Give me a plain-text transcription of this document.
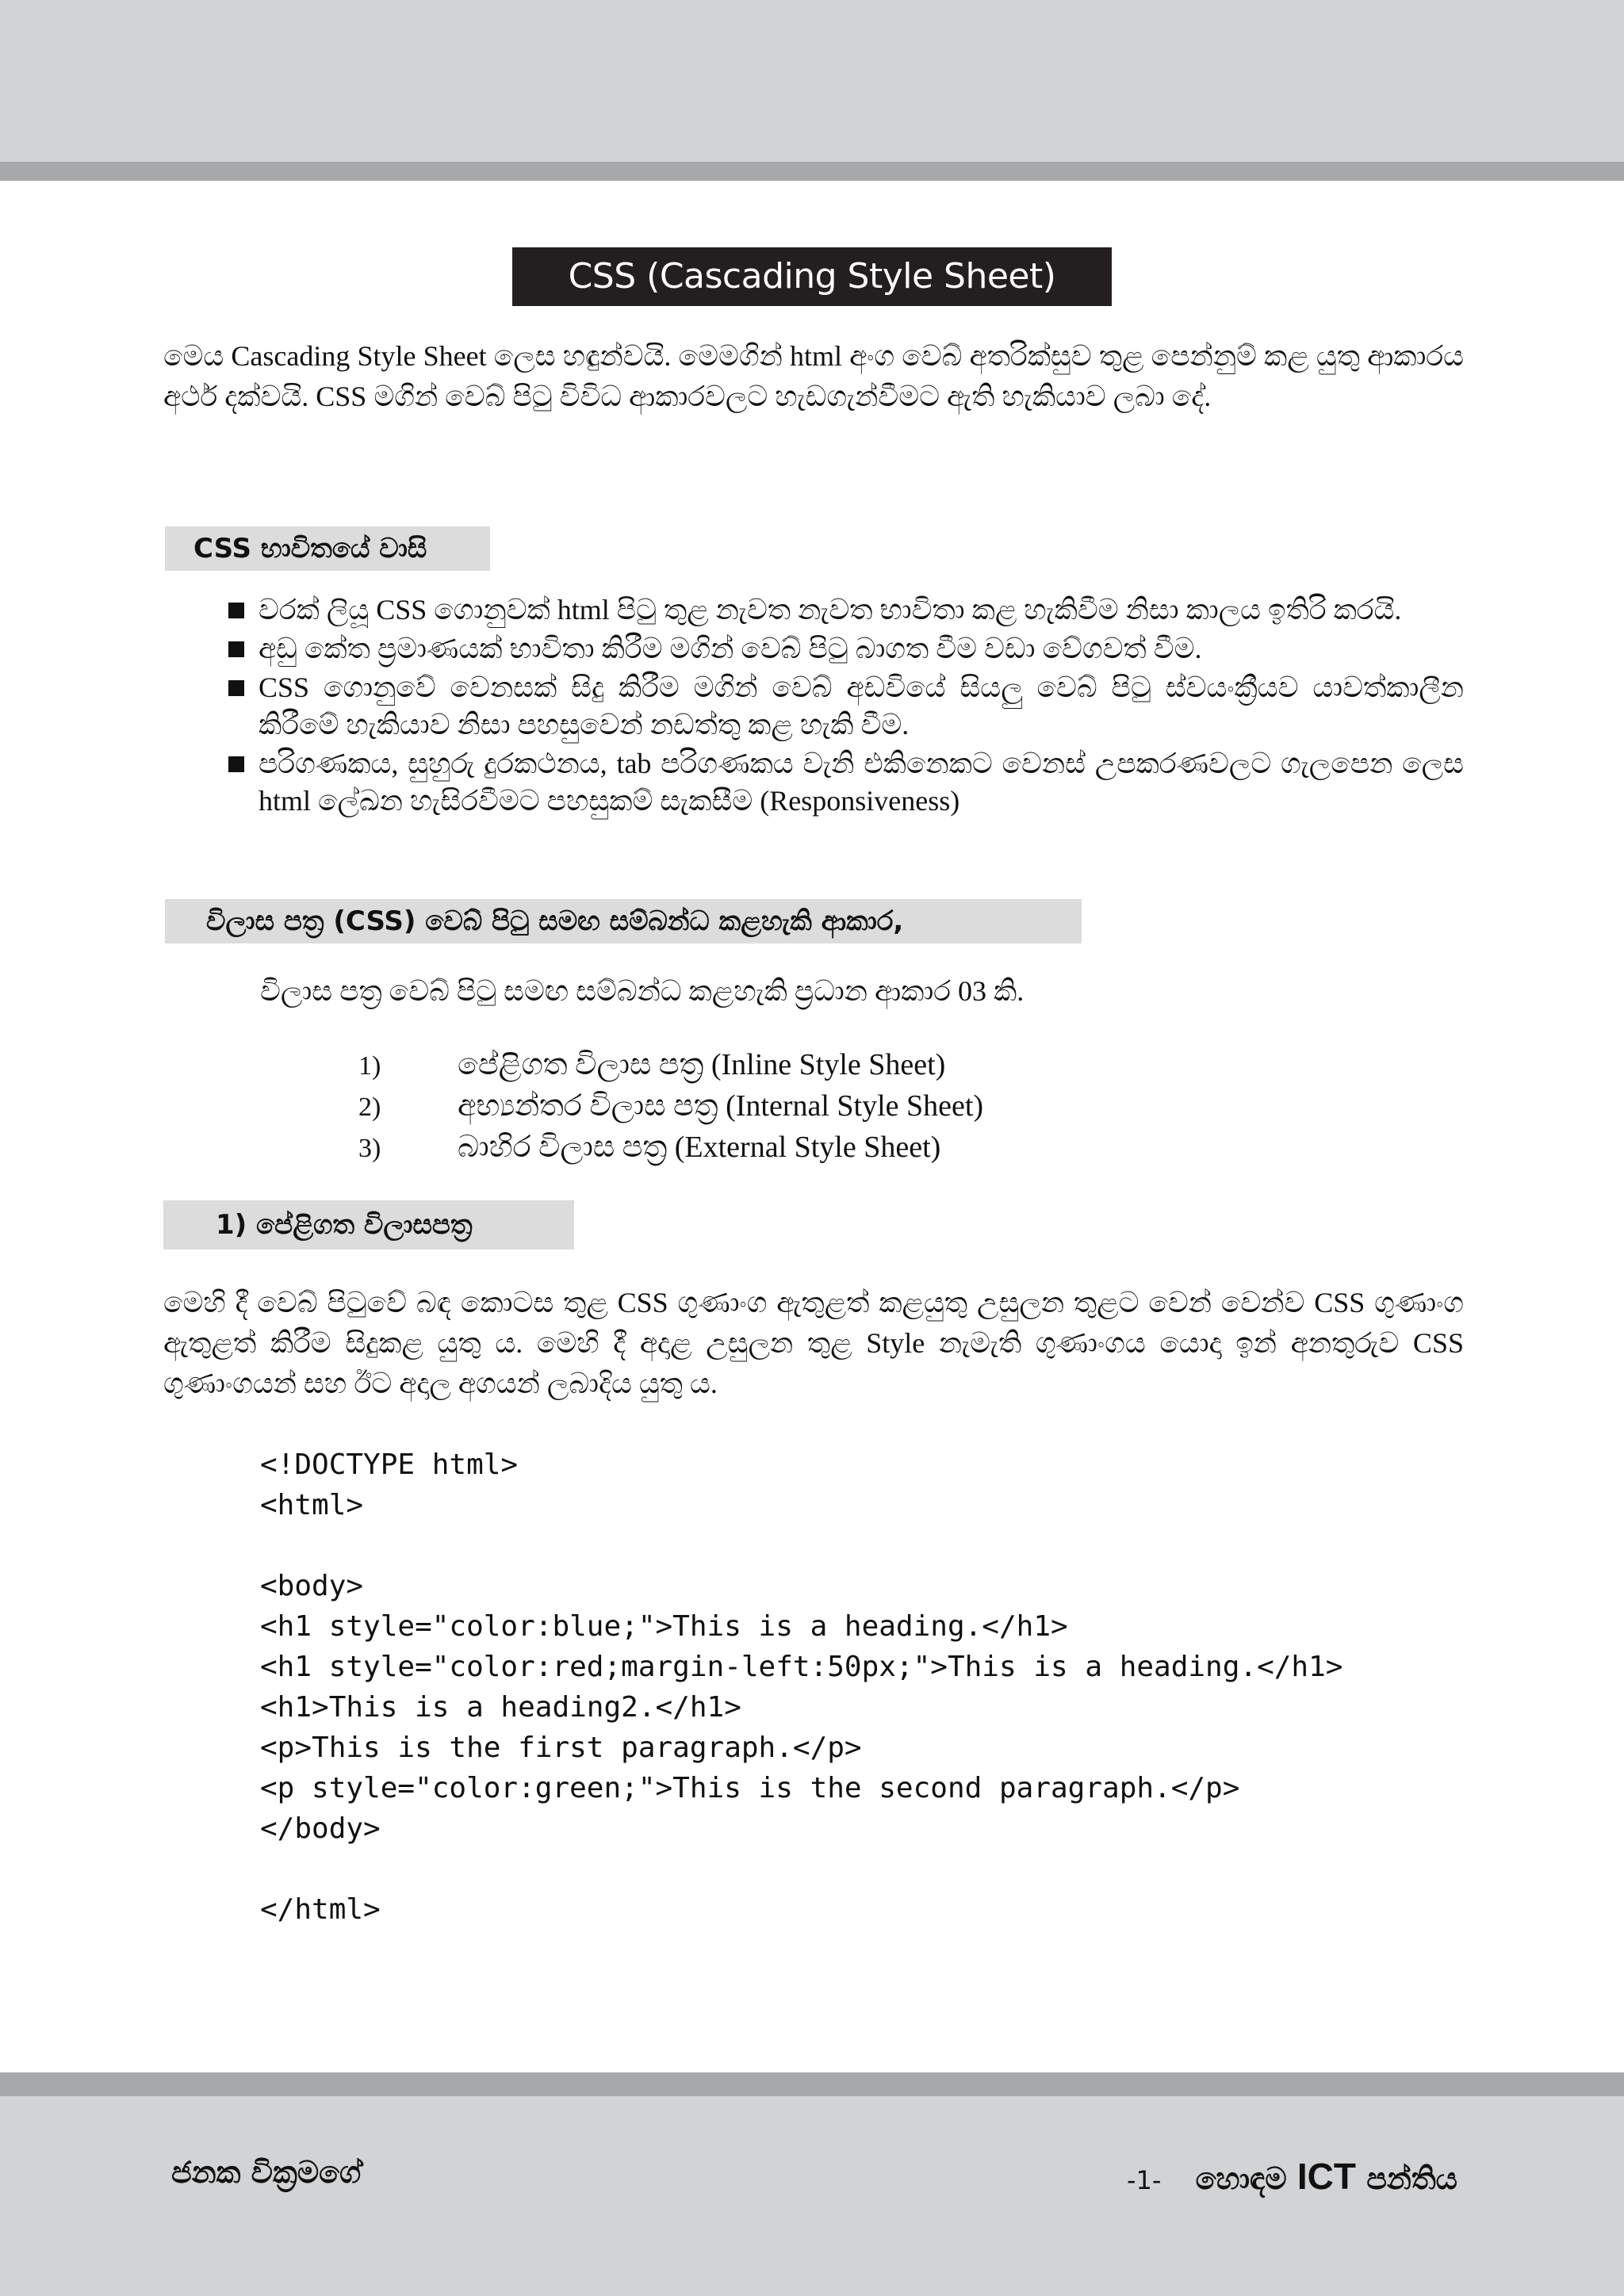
CSS (Cascading Style Sheet)
මෙය Cascading Style Sheet ලෙස හඳුන්වයි. මෙමගින් html අංග වෙබ් අතරික්සුව තුළ පෙන්නුම් කළ යුතු ආකාරය අර්ථ දක්වයි. CSS මගින් වෙබ් පිටු විවිධ ආකාරවලට හැඩගැන්වීමට ඇති හැකියාව ලබා දේ.
CSS භාවිතයේ වාසි
වරක් ලියූ CSS ගොනුවක් html පිටු තුළ නැවත නැවත භාවිතා කළ හැකිවීම නිසා කාලය ඉතිරි කරයි.
අඩු කේත ප්‍රමාණයක් භාවිතා කිරීම මගින් වෙබ් පිටු බාගත වීම වඩා වේගවත් වීම.
CSS ගොනුවේ වෙනසක් සිදු කිරීම මගින් වෙබ් අඩවියේ සියලු වෙබ් පිටු ස්වයංක්‍රීයව යාවත්කාලීන කිරීමේ හැකියාව නිසා පහසුවෙන් නඩත්තු කළ හැකි වීම.
පරිගණකය, සුහුරු දුරකථනය, tab පරිගණකය වැනි එකිනෙකට වෙනස් උපකරණවලට ගැලපෙන ලෙස html ලේඛන හැසිරවීමට පහසුකම් සැකසීම (Responsiveness)
විලාස පත්‍ර (CSS) වෙබ් පිටු සමඟ සම්බන්ධ කළහැකි ආකාර,
විලාස පත්‍ර වෙබ් පිටු සමඟ සම්බන්ධ කළහැකි ප්‍රධාන ආකාර 03 කි.
1)	පේළිගත විලාස පත්‍ර (Inline Style Sheet)
2)	අභ්‍යන්තර විලාස පත්‍ර (Internal Style Sheet)
3)	බාහිර විලාස පත්‍ර (External Style Sheet)
1) පේළිගත විලාසපත්‍ර
මෙහි දී වෙබ් පිටුවේ බඳ කොටස තුළ CSS ගුණාංග ඇතුළත් කළයුතු උසුලන තුළට වෙන් වෙන්ව CSS ගුණාංග ඇතුළත් කිරීම සිදුකළ යුතු ය. මෙහි දී අදාළ උසුලන තුළ Style නැමැති ගුණාංගය යොදා ඉන් අනතුරුව CSS ගුණාංගයන් සහ ඊට අදාල අගයන් ලබාදිය යුතු ය.
<!DOCTYPE html>
<html>

<body>
<h1 style="color:blue;">This is a heading.</h1>
<h1 style="color:red;margin-left:50px;">This is a heading.</h1>
<h1>This is a heading2.</h1>
<p>This is the first paragraph.</p>
<p style="color:green;">This is the second paragraph.</p>
</body>

</html>
ජනක වික්‍රමගේ	-1- හොඳම ICT පන්තිය
